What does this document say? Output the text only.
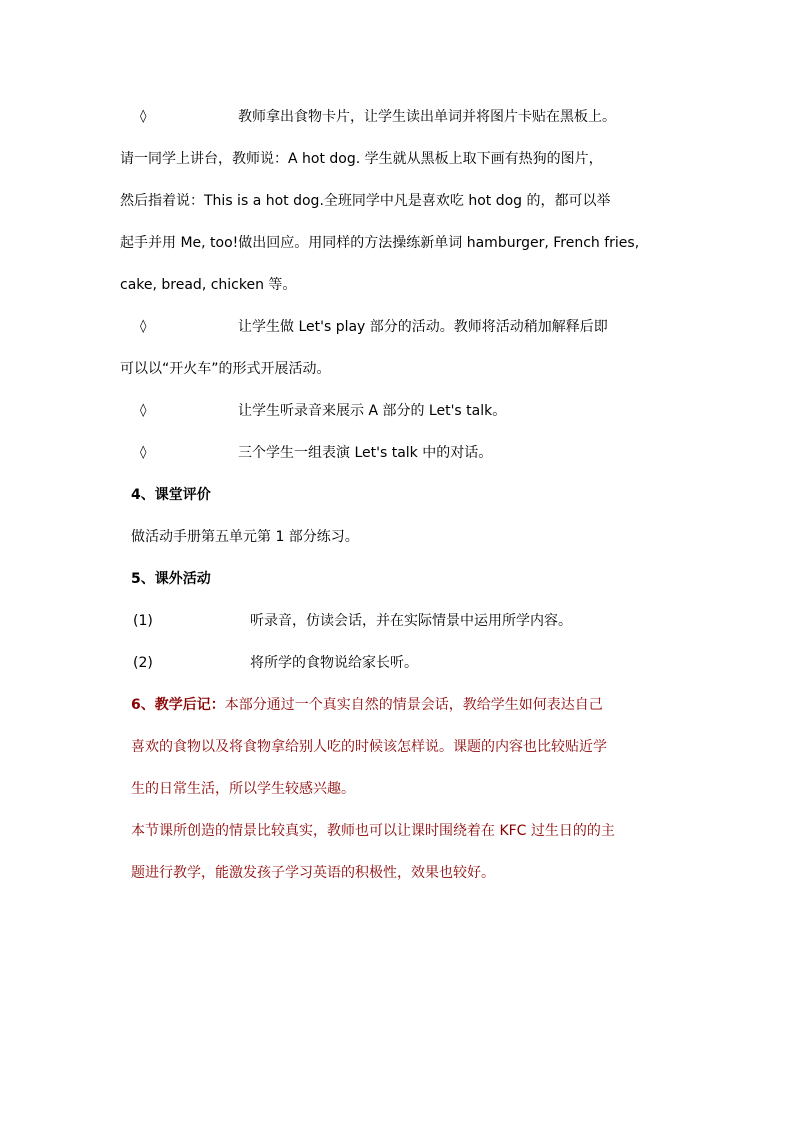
◊	教师拿出食物卡片，让学生读出单词并将图片卡贴在黑板上。
请一同学上讲台，教师说：A hot dog. 学生就从黑板上取下画有热狗的图片，
然后指着说：This is a hot dog.全班同学中凡是喜欢吃 hot dog 的，都可以举
起手并用 Me, too!做出回应。用同样的方法操练新单词 hamburger, French fries,
cake, bread, chicken 等。
◊	让学生做 Let's play 部分的活动。教师将活动稍加解释后即
可以以“开火车”的形式开展活动。
◊	让学生听录音来展示 A 部分的 Let's talk。
◊	三个学生一组表演 Let's talk 中的对话。
4、课堂评价
做活动手册第五单元第 1 部分练习。
5、课外活动
(1)	听录音，仿读会话，并在实际情景中运用所学内容。
(2)	将所学的食物说给家长听。
6、教学后记：本部分通过一个真实自然的情景会话，教给学生如何表达自己
喜欢的食物以及将食物拿给别人吃的时候该怎样说。课题的内容也比较贴近学
生的日常生活，所以学生较感兴趣。
本节课所创造的情景比较真实，教师也可以让课时围绕着在 KFC 过生日的的主
题进行教学，能激发孩子学习英语的积极性，效果也较好。
